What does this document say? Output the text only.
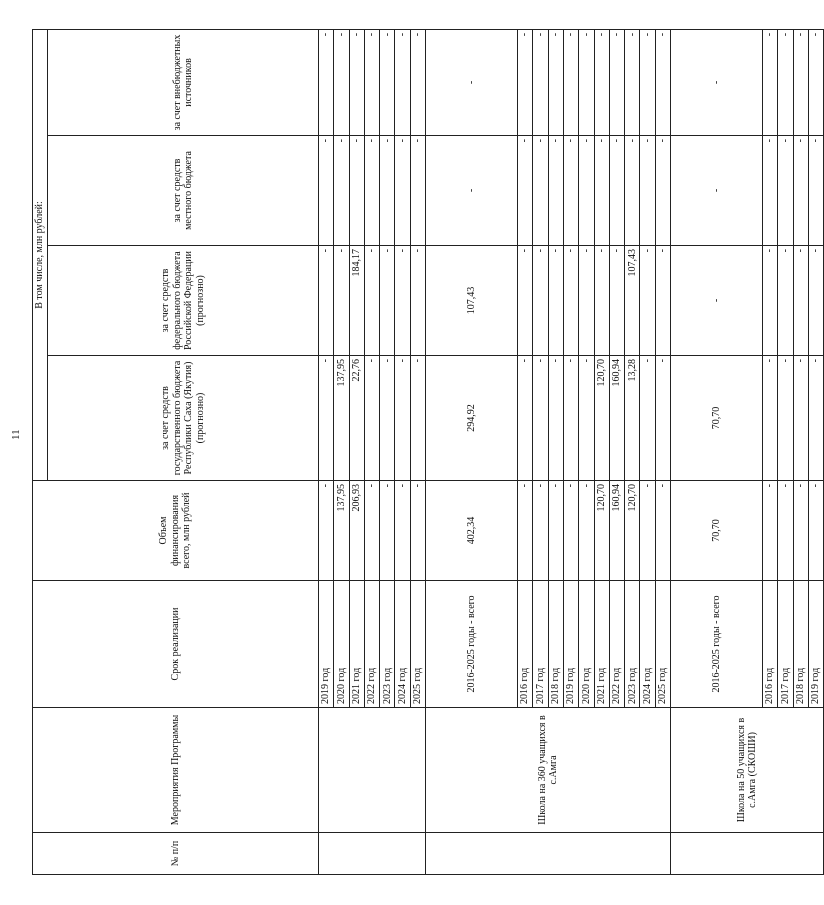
11
№ п/п	Мероприятия Программы	Срок реализации	Объем финансирования всего, млн рублей	В том числе, млн рублей:			
				за счет средств государственного бюджета Республики Саха (Якутия) (прогнозно)	за счет средств федерального бюджета Российской Федерации (прогнозно)	за счет средств местного бюджета	за счет внебюджетных источников
		2019 год	-	-	-	-	-
		2020 год	137,95	137,95	-	-	-
		2021 год	206,93	22,76	184,17	-	-
		2022 год	-	-	-	-	-
		2023 год	-	-	-	-	-
		2024 год	-	-	-	-	-
		2025 год	-	-	-	-	-
	Школа на 360 учащихся в с.Амга	2016-2025 годы - всего	402,34	294,92	107,43	-	-
		2016 год	-	-	-	-	-
		2017 год	-	-	-	-	-
		2018 год	-	-	-	-	-
		2019 год	-	-	-	-	-
		2020 год	-	-	-	-	-
		2021 год	120,70	120,70	-	-	-
		2022 год	160,94	160,94	-	-	-
		2023 год	120,70	13,28	107,43	-	-
		2024 год	-	-	-	-	-
		2025 год	-	-	-	-	-
	Школа на 50 учащихся в с.Амга (СКОШИ)	2016-2025 годы - всего	70,70	70,70	-	-	-
		2016 год	-	-	-	-	-
		2017 год	-	-	-	-	-
		2018 год	-	-	-	-	-
		2019 год	-	-	-	-	-
